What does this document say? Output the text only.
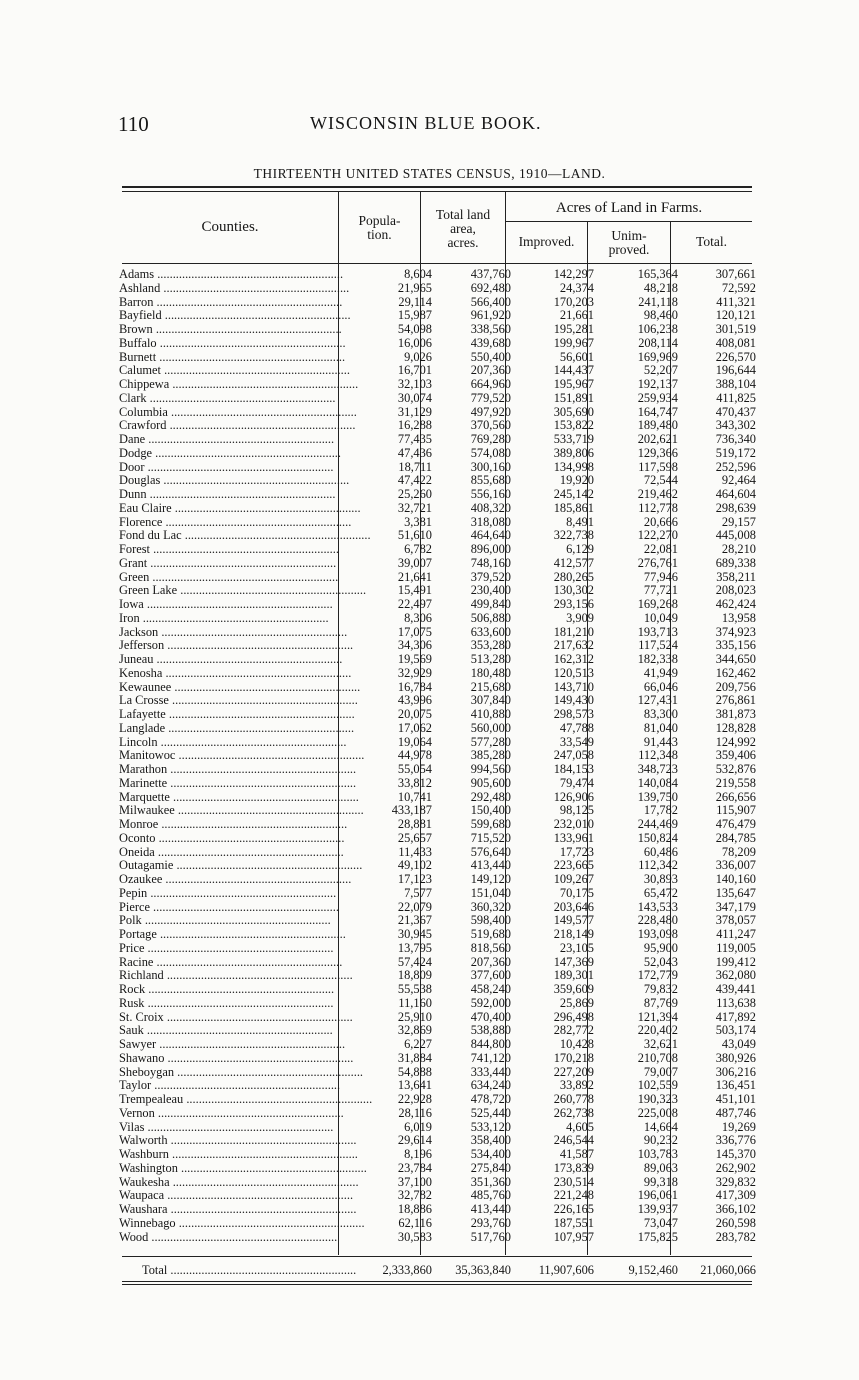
110	WISCONSIN BLUE BOOK.
THIRTEENTH UNITED STATES CENSUS, 1910—LAND.
Counties.	Popula-
tion.
Total land
area,
acres.
Acres of Land in Farms.
Improved.	Unim-
proved.
Total.
Adams ............................................................	8,604	437,760	142,297	165,364	307,661
Ashland ............................................................	21,965	692,480	24,374	48,218	72,592
Barron ............................................................	29,114	566,400	170,203	241,118	411,321
Bayfield ............................................................	15,987	961,920	21,661	98,460	120,121
Brown ............................................................	54,098	338,560	195,281	106,238	301,519
Buffalo ............................................................	16,006	439,680	199,967	208,114	408,081
Burnett ............................................................	9,026	550,400	56,601	169,969	226,570
Calumet ............................................................	16,701	207,360	144,437	52,207	196,644
Chippewa ............................................................	32,103	664,960	195,967	192,137	388,104
Clark ............................................................	30,074	779,520	151,891	259,934	411,825
Columbia ............................................................	31,129	497,920	305,690	164,747	470,437
Crawford ............................................................	16,288	370,560	153,822	189,480	343,302
Dane ............................................................	77,435	769,280	533,719	202,621	736,340
Dodge ............................................................	47,436	574,080	389,806	129,366	519,172
Door ............................................................	18,711	300,160	134,998	117,598	252,596
Douglas ............................................................	47,422	855,680	19,920	72,544	92,464
Dunn ............................................................	25,260	556,160	245,142	219,462	464,604
Eau Claire ............................................................	32,721	408,320	185,861	112,778	298,639
Florence ............................................................	3,381	318,080	8,491	20,666	29,157
Fond du Lac ............................................................ 51,610	464,640	322,738	122,270	445,008
Forest ............................................................	6,782	896,000	6,129	22,081	28,210
Grant ............................................................	39,007	748,160	412,577	276,761	689,338
Green ............................................................	21,641	379,520	280,265	77,946	358,211
Green Lake ............................................................	15,491	230,400	130,302	77,721	208,023
Iowa ............................................................	22,497	499,840	293,156	169,268	462,424
Iron ............................................................	8,306	506,880	3,909	10,049	13,958
Jackson ............................................................	17,075	633,600	181,210	193,713	374,923
Jefferson ............................................................	34,306	353,280	217,632	117,524	335,156
Juneau ............................................................	19,569	513,280	162,312	182,338	344,650
Kenosha ............................................................	32,929	180,480	120,513	41,949	162,462
Kewaunee ............................................................	16,784	215,680	143,710	66,046	209,756
La Crosse ............................................................	43,996	307,840	149,430	127,431	276,861
Lafayette ............................................................	20,075	410,880	298,573	83,300	381,873
Langlade ............................................................	17,062	560,000	47,788	81,040	128,828
Lincoln ............................................................	19,064	577,280	33,549	91,443	124,992
Manitowoc ............................................................	44,978	385,280	247,058	112,348	359,406
Marathon ............................................................	55,054	994,560	184,153	348,723	532,876
Marinette ............................................................	33,812	905,600	79,474	140,084	219,558
Marquette ............................................................	10,741	292,480	126,906	139,750	266,656
Milwaukee ............................................................ 433,187	150,400	98,125	17,782	115,907
Monroe ............................................................	28,881	599,680	232,010	244,469	476,479
Oconto ............................................................	25,657	715,520	133,961	150,824	284,785
Oneida ............................................................	11,433	576,640	17,723	60,486	78,209
Outagamie ............................................................	49,102	413,440	223,665	112,342	336,007
Ozaukee ............................................................	17,123	149,120	109,267	30,893	140,160
Pepin ............................................................	7,577	151,040	70,175	65,472	135,647
Pierce ............................................................	22,079	360,320	203,646	143,533	347,179
Polk ............................................................	21,367	598,400	149,577	228,480	378,057
Portage ............................................................	30,945	519,680	218,149	193,098	411,247
Price ............................................................	13,795	818,560	23,105	95,900	119,005
Racine ............................................................	57,424	207,360	147,369	52,043	199,412
Richland ............................................................	18,809	377,600	189,301	172,779	362,080
Rock ............................................................	55,538	458,240	359,609	79,832	439,441
Rusk ............................................................	11,160	592,000	25,869	87,769	113,638
St. Croix ............................................................	25,910	470,400	296,498	121,394	417,892
Sauk ............................................................	32,869	538,880	282,772	220,402	503,174
Sawyer ............................................................	6,227	844,800	10,428	32,621	43,049
Shawano ............................................................	31,884	741,120	170,218	210,708	380,926
Sheboygan ............................................................	54,888	333,440	227,209	79,007	306,216
Taylor ............................................................	13,641	634,240	33,892	102,559	136,451
Trempealeau ............................................................ 22,928	478,720	260,778	190,323	451,101
Vernon ............................................................	28,116	525,440	262,738	225,008	487,746
Vilas ............................................................	6,019	533,120	4,605	14,664	19,269
Walworth ............................................................	29,614	358,400	246,544	90,232	336,776
Washburn ............................................................	8,196	534,400	41,587	103,783	145,370
Washington ............................................................	23,784	275,840	173,839	89,063	262,902
Waukesha ............................................................	37,100	351,360	230,514	99,318	329,832
Waupaca ............................................................	32,782	485,760	221,248	196,061	417,309
Waushara ............................................................	18,886	413,440	226,165	139,937	366,102
Winnebago ............................................................	62,116	293,760	187,551	73,047	260,598
Wood ............................................................	30,583	517,760	107,957	175,825	283,782
Total ............................................................ 2,333,860 35,363,840 11,907,606	9,152,460 21,060,066
